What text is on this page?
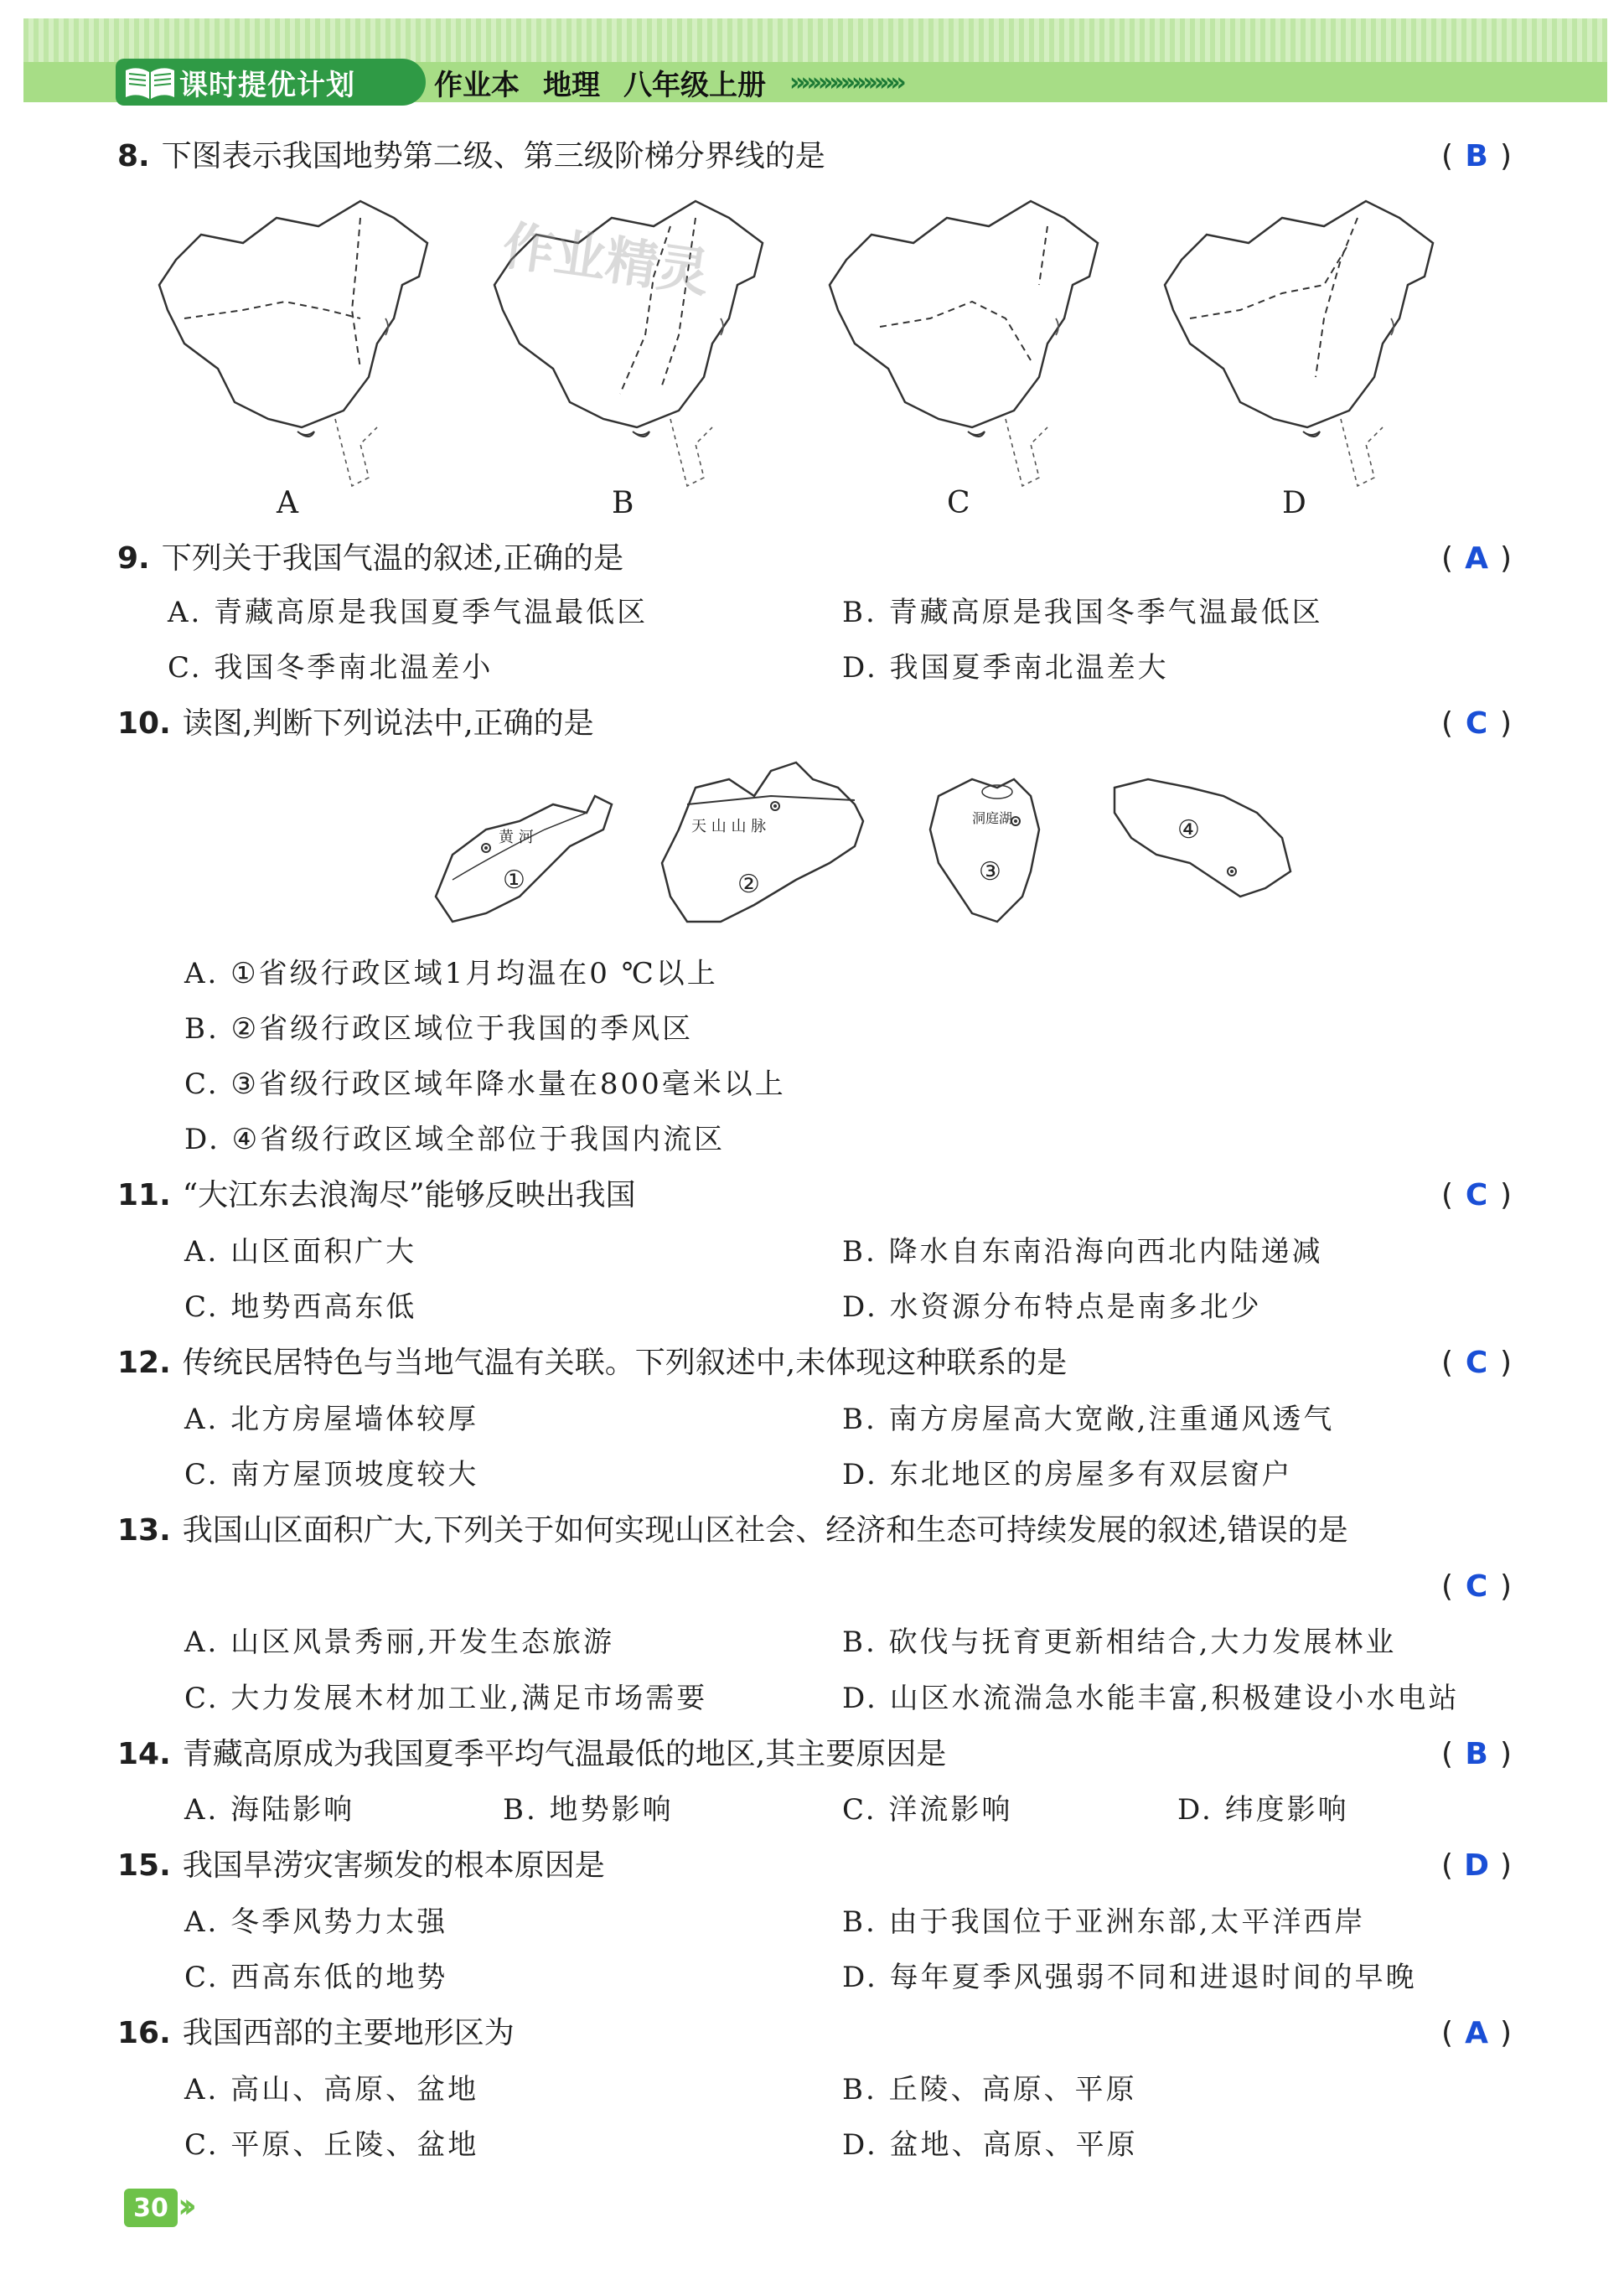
课时提优计划	作业本 地理 八年级上册 »»»»»»»»»»
8. 下图表示我国地势第二级、第三级阶梯分界线的是	( B )
A	B	C	D
作业精灵
9. 下列关于我国气温的叙述,正确的是	( A )
A. 青藏高原是我国夏季气温最低区	B. 青藏高原是我国冬季气温最低区
C. 我国冬季南北温差小	D. 我国夏季南北温差大
10. 读图,判断下列说法中,正确的是	( C )
黄 河
①
天 山 山 脉
②
洞庭湖
③
④
A. ①省级行政区域1月均温在0 ℃以上
B. ②省级行政区域位于我国的季风区
C. ③省级行政区域年降水量在800毫米以上
D. ④省级行政区域全部位于我国内流区
11. “大江东去浪淘尽”能够反映出我国	( C )
A. 山区面积广大	B. 降水自东南沿海向西北内陆递减
C. 地势西高东低	D. 水资源分布特点是南多北少
12. 传统民居特色与当地气温有关联。下列叙述中,未体现这种联系的是	( C )
A. 北方房屋墙体较厚	B. 南方房屋高大宽敞,注重通风透气
C. 南方屋顶坡度较大	D. 东北地区的房屋多有双层窗户
13. 我国山区面积广大,下列关于如何实现山区社会、经济和生态可持续发展的叙述,错误的是
( C )
A. 山区风景秀丽,开发生态旅游	B. 砍伐与抚育更新相结合,大力发展林业
C. 大力发展木材加工业,满足市场需要	D. 山区水流湍急水能丰富,积极建设小水电站
14. 青藏高原成为我国夏季平均气温最低的地区,其主要原因是	( B )
A. 海陆影响	B. 地势影响	C. 洋流影响	D. 纬度影响
15. 我国旱涝灾害频发的根本原因是	( D )
A. 冬季风势力太强	B. 由于我国位于亚洲东部,太平洋西岸
C. 西高东低的地势	D. 每年夏季风强弱不同和进退时间的早晚
16. 我国西部的主要地形区为	( A )
A. 高山、高原、盆地	B. 丘陵、高原、平原
C. 平原、丘陵、盆地	D. 盆地、高原、平原
30 ››
